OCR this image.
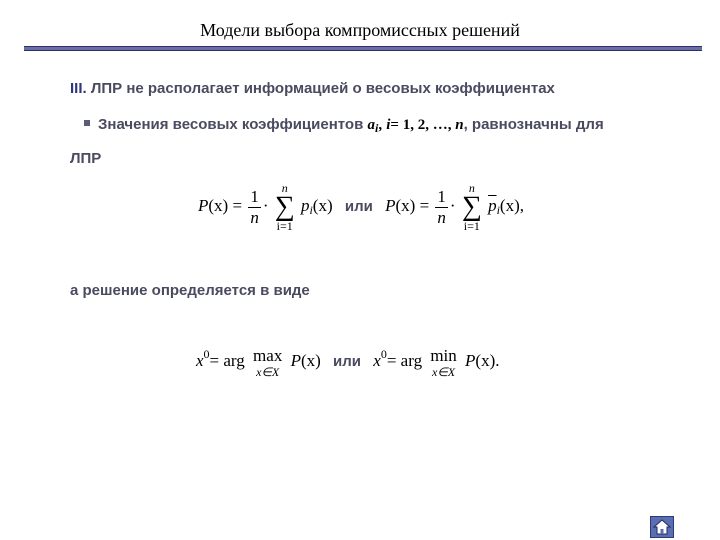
Модели выбора компромиссных решений
III. ЛПР не располагает информацией о весовых коэффициентах
Значения весовых коэффициентов $a_i$, i= 1, 2, …, n, равнозначны для
ЛПР
$P(x) = \frac{1}{n}$ ·
n
∑
i=1
$p_i(x)$ или $P(x) = \frac{1}{n}$ ·
n
∑
i=1
$\overline{p}_i(x)$,
а решение определяется в виде
$x^0=$ arg max
x∈X
P(x) или $x^0=$ arg min
x∈X
P(x).
